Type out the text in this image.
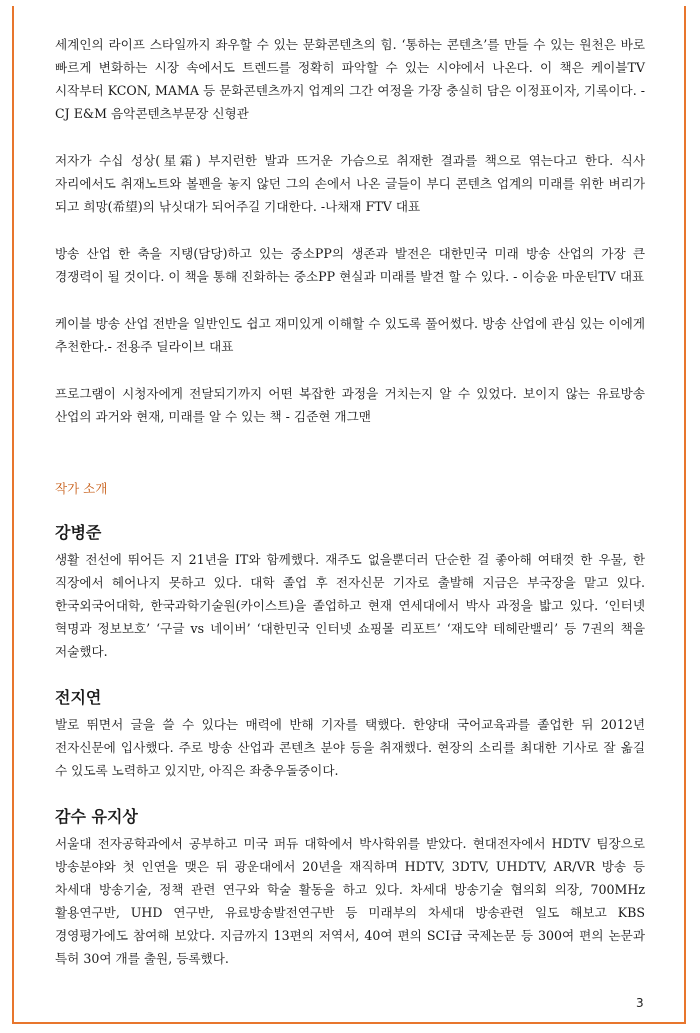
세계인의 라이프 스타일까지 좌우할 수 있는 문화콘텐츠의 힘. ‘통하는 콘텐츠’를 만들 수 있는 원천은 바로 빠르게 변화하는 시장 속에서도 트렌드를 정확히 파악할 수 있는 시야에서 나온다. 이 책은 케이블TV 시작부터 KCON, MAMA 등 문화콘텐츠까지 업계의 그간 여정을 가장 충실히 담은 이정표이자, 기록이다. - CJ E&M 음악콘텐츠부문장 신형관

저자가 수십 성상(星霜) 부지런한 발과 뜨거운 가슴으로 취재한 결과를 책으로 엮는다고 한다. 식사 자리에서도 취재노트와 볼펜을 놓지 않던 그의 손에서 나온 글들이 부디 콘텐츠 업계의 미래를 위한 벼리가 되고 희망(希望)의 낚싯대가 되어주길 기대한다. -나채재 FTV 대표

방송 산업 한 축을 지탱(담당)하고 있는 중소PP의 생존과 발전은 대한민국 미래 방송 산업의 가장 큰 경쟁력이 될 것이다. 이 책을 통해 진화하는 중소PP 현실과 미래를 발견 할 수 있다. - 이승윤 마운틴TV 대표

케이블 방송 산업 전반을 일반인도 쉽고 재미있게 이해할 수 있도록 풀어썼다. 방송 산업에 관심 있는 이에게 추천한다.- 전용주 딜라이브 대표

프로그램이 시청자에게 전달되기까지 어떤 복잡한 과정을 거치는지 알 수 있었다. 보이지 않는 유료방송 산업의 과거와 현재, 미래를 알 수 있는 책 - 김준현 개그맨

작가 소개

강병준

생활 전선에 뛰어든 지 21년을 IT와 함께했다. 재주도 없을뿐더러 단순한 걸 좋아해 여태껏 한 우물, 한 직장에서 헤어나지 못하고 있다. 대학 졸업 후 전자신문 기자로 출발해 지금은 부국장을 맡고 있다. 한국외국어대학, 한국과학기술원(카이스트)을 졸업하고 현재 연세대에서 박사 과정을 밟고 있다. ‘인터넷 혁명과 정보보호’ ‘구글 vs 네이버’ ‘대한민국 인터넷 쇼핑몰 리포트’ ‘재도약 테헤란밸리’ 등 7권의 책을 저술했다.

전지연

발로 뛰면서 글을 쓸 수 있다는 매력에 반해 기자를 택했다. 한양대 국어교육과를 졸업한 뒤 2012년 전자신문에 입사했다. 주로 방송 산업과 콘텐츠 분야 등을 취재했다. 현장의 소리를 최대한 기사로 잘 옮길 수 있도록 노력하고 있지만, 아직은 좌충우돌중이다.

감수 유지상

서울대 전자공학과에서 공부하고 미국 퍼듀 대학에서 박사학위를 받았다. 현대전자에서 HDTV 팀장으로 방송분야와 첫 인연을 맺은 뒤 광운대에서 20년을 재직하며 HDTV, 3DTV, UHDTV, AR/VR 방송 등 차세대 방송기술, 정책 관련 연구와 학술 활동을 하고 있다. 차세대 방송기술 협의회 의장, 700MHz 활용연구반, UHD 연구반, 유료방송발전연구반 등 미래부의 차세대 방송관련 일도 해보고 KBS 경영평가에도 참여해 보았다. 지금까지 13편의 저역서, 40여 편의 SCI급 국제논문 등 300여 편의 논문과 특허 30여 개를 출원, 등록했다.

3
